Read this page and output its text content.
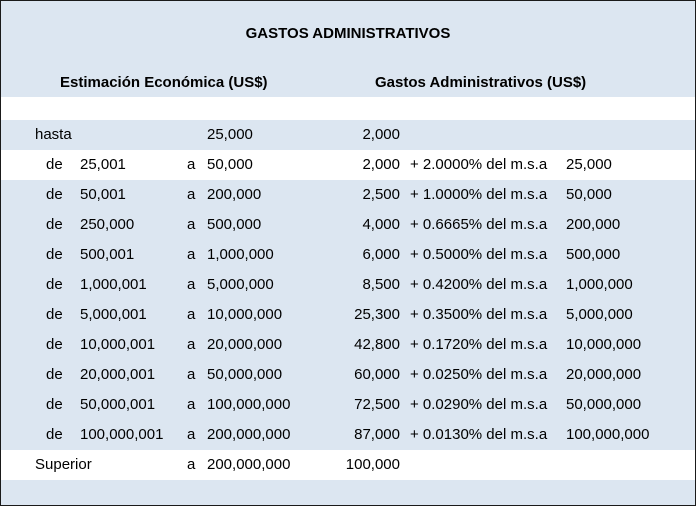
GASTOS ADMINISTRATIVOS
Estimación Económica (US$)	Gastos Administrativos (US$)
hasta	25,000	2,000
de 25,001	a 50,000	2,000 + 2.0000% del m.s.a 25,000
de 50,001	a 200,000	2,500 + 1.0000% del m.s.a 50,000
de 250,000	a 500,000	4,000 + 0.6665% del m.s.a 200,000
de 500,001	a 1,000,000	6,000 + 0.5000% del m.s.a 500,000
de 1,000,001	a 5,000,000	8,500 + 0.4200% del m.s.a 1,000,000
de 5,000,001	a 10,000,000	25,300 + 0.3500% del m.s.a 5,000,000
de 10,000,001 a 20,000,000	42,800 + 0.1720% del m.s.a 10,000,000
de 20,000,001 a 50,000,000	60,000 + 0.0250% del m.s.a 20,000,000
de 50,000,001 a 100,000,000	72,500 + 0.0290% del m.s.a 50,000,000
de 100,000,001 a 200,000,000	87,000 + 0.0130% del m.s.a 100,000,000
Superior	a 200,000,000	100,000
